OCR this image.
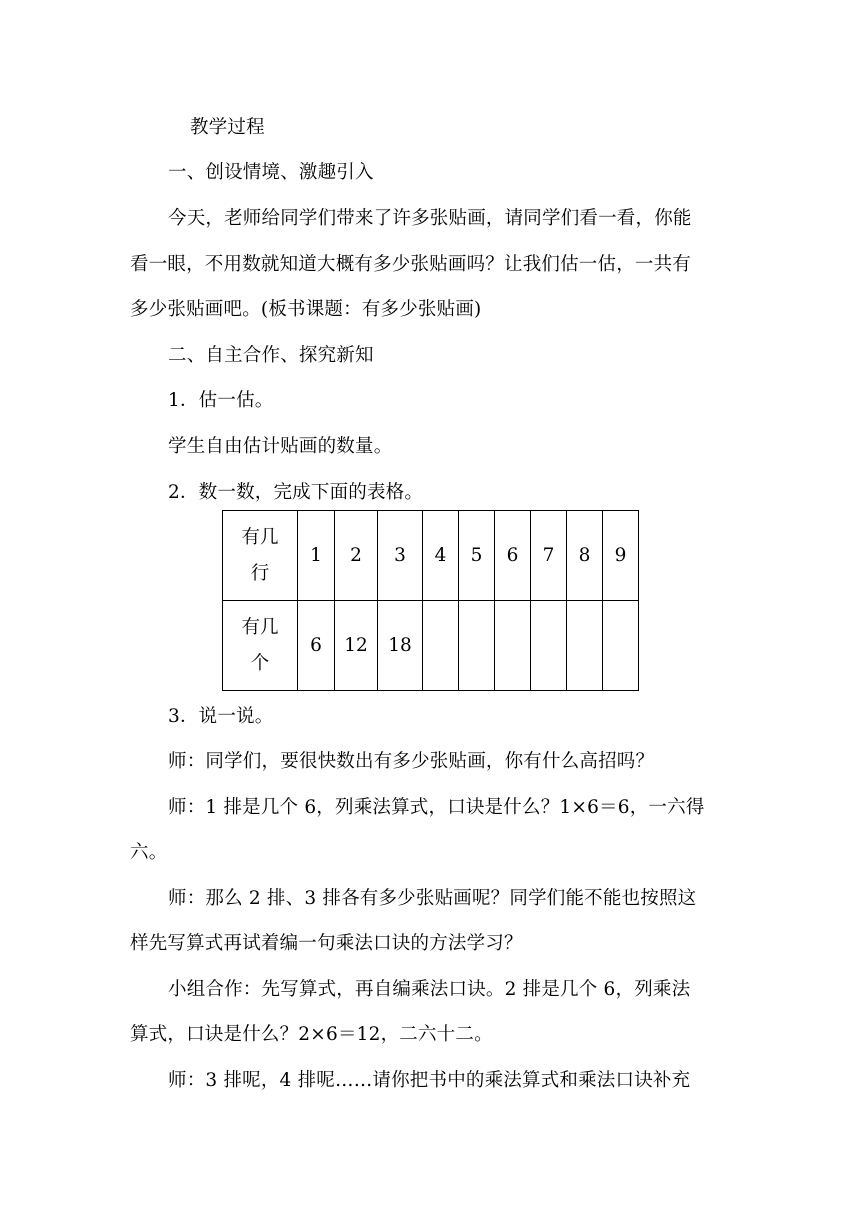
教学过程
一、创设情境、激趣引入
今天，老师给同学们带来了许多张贴画，请同学们看一看，你能
看一眼，不用数就知道大概有多少张贴画吗？让我们估一估，一共有
多少张贴画吧。(板书课题：有多少张贴画)
二、自主合作、探究新知
1．估一估。
学生自由估计贴画的数量。
2．数一数，完成下面的表格。
有几
行	1	2	3	4	5	6	7	8	9

有几
个	6	12	18						
3．说一说。
师：同学们，要很快数出有多少张贴画，你有什么高招吗？
师：1 排是几个 6，列乘法算式，口诀是什么？1×6＝6，一六得
六。
师：那么 2 排、3 排各有多少张贴画呢？同学们能不能也按照这
样先写算式再试着编一句乘法口诀的方法学习？
小组合作：先写算式，再自编乘法口诀。2 排是几个 6，列乘法
算式，口诀是什么？2×6＝12，二六十二。
师：3 排呢，4 排呢……请你把书中的乘法算式和乘法口诀补充
